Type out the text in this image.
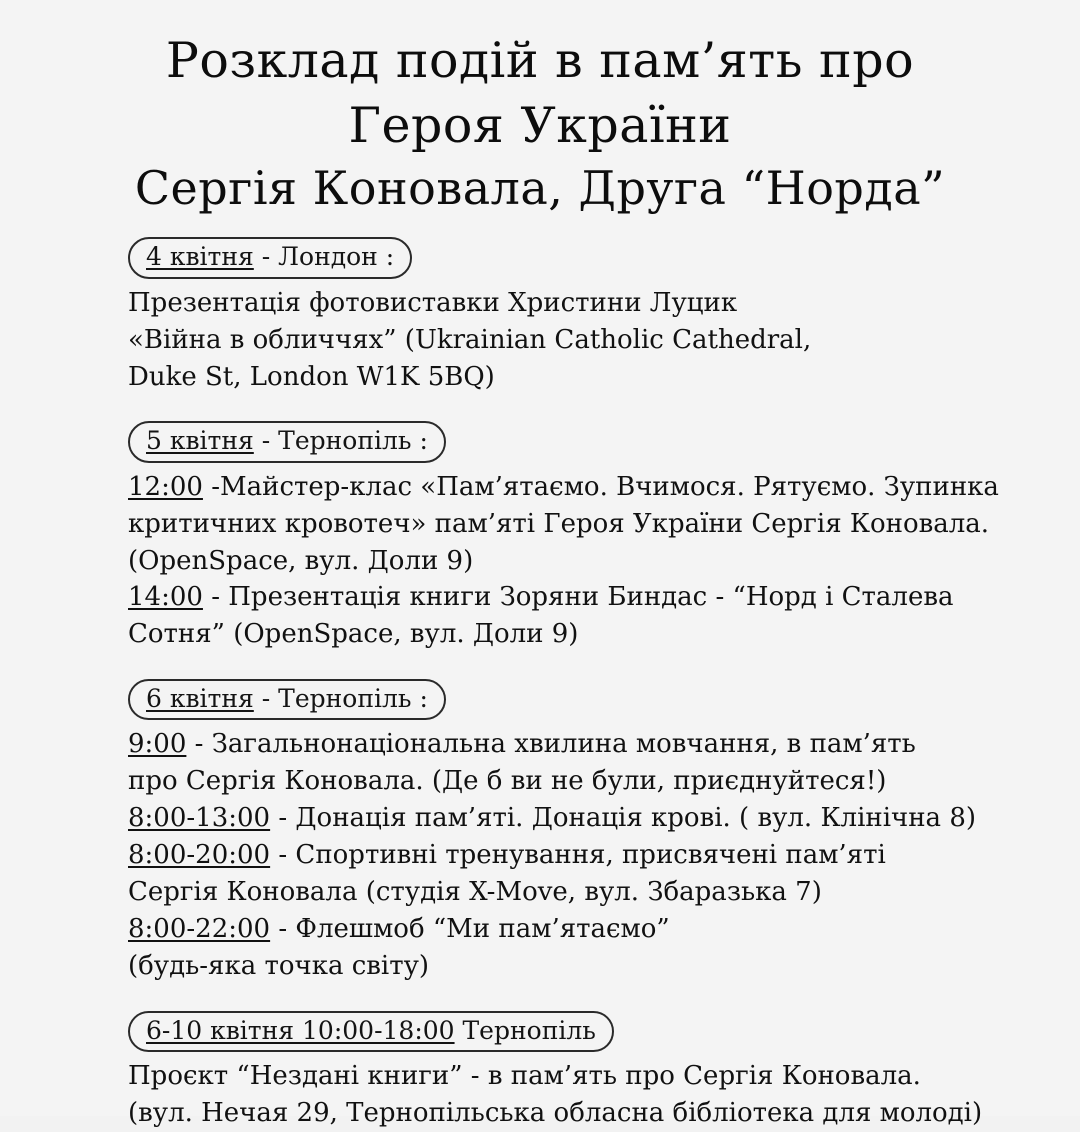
Розклад подій в пам’ять про
Героя України
Сергія Коновала, Друга “Норда”
4 квітня - Лондон :
Презентація фотовиставки Христини Луцик
«Війна в обличчях” (Ukrainian Catholic Cathedral,
Duke St, London W1K 5BQ)
5 квітня - Тернопіль :
12:00 -Майстер-клас «Пам’ятаємо. Вчимося. Рятуємо. Зупинка
критичних кровотеч» пам’яті Героя України Сергія Коновала.
(OpenSpace, вул. Доли 9)
14:00 - Презентація книги Зоряни Биндас - “Норд і Сталева
Сотня” (OpenSpace, вул. Доли 9)
6 квітня - Тернопіль :
9:00 - Загальнонаціональна хвилина мовчання, в пам’ять
про Сергія Коновала. (Де б ви не були, приєднуйтеся!)
8:00-13:00 - Донація пам’яті. Донація крові. ( вул. Клінічна 8)
8:00-20:00 - Спортивні тренування, присвячені пам’яті
Сергія Коновала (студія X-Move, вул. Збаразька 7)
8:00-22:00 - Флешмоб “Ми пам’ятаємо”
(будь-яка точка світу)
6-10 квітня 10:00-18:00 Тернопіль
Проєкт “Нездані книги” - в пам’ять про Сергія Коновала.
(вул. Нечая 29, Тернопільська обласна бібліотека для молоді)
